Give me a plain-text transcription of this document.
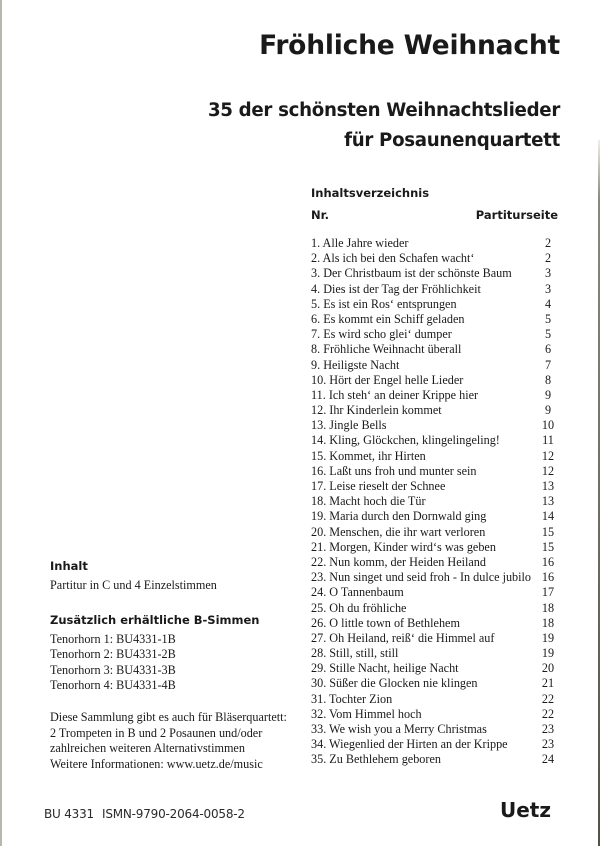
Fröhliche Weihnacht
35 der schönsten Weihnachtslieder
für Posaunenquartett
Inhaltsverzeichnis
Nr.	Partiturseite
1. Alle Jahre wieder	2
2. Als ich bei den Schafen wacht‘	2
3. Der Christbaum ist der schönste Baum	3
4. Dies ist der Tag der Fröhlichkeit	3
5. Es ist ein Ros‘ entsprungen	4
6. Es kommt ein Schiff geladen	5
7. Es wird scho glei‘ dumper	5
8. Fröhliche Weihnacht überall	6
9. Heiligste Nacht	7
10. Hört der Engel helle Lieder	8
11. Ich steh‘ an deiner Krippe hier	9
12. Ihr Kinderlein kommet	9
13. Jingle Bells	10
14. Kling, Glöckchen, klingelingeling!	11
15. Kommet, ihr Hirten	12
16. Laßt uns froh und munter sein	12
17. Leise rieselt der Schnee	13
18. Macht hoch die Tür	13
19. Maria durch den Dornwald ging	14
20. Menschen, die ihr wart verloren	15
21. Morgen, Kinder wird‘s was geben	15
22. Nun komm, der Heiden Heiland	16
23. Nun singet und seid froh - In dulce jubilo 16
24. O Tannenbaum	17
25. Oh du fröhliche	18
26. O little town of Bethlehem	18
27. Oh Heiland, reiß‘ die Himmel auf	19
28. Still, still, still	19
29. Stille Nacht, heilige Nacht	20
30. Süßer die Glocken nie klingen	21
31. Tochter Zion	22
32. Vom Himmel hoch	22
33. We wish you a Merry Christmas	23
34. Wiegenlied der Hirten an der Krippe	23
35. Zu Bethlehem geboren	24
Inhalt
Partitur in C und 4 Einzelstimmen
Zusätzlich erhältliche B-Simmen
Tenorhorn 1: BU4331-1B
Tenorhorn 2: BU4331-2B
Tenorhorn 3: BU4331-3B
Tenorhorn 4: BU4331-4B
Diese Sammlung gibt es auch für Bläserquartett:
2 Trompeten in B und 2 Posaunen und/oder
zahlreichen weiteren Alternativstimmen
Weitere Informationen: www.uetz.de/music
BU 4331 ISMN-9790-2064-0058-2	Uetz
